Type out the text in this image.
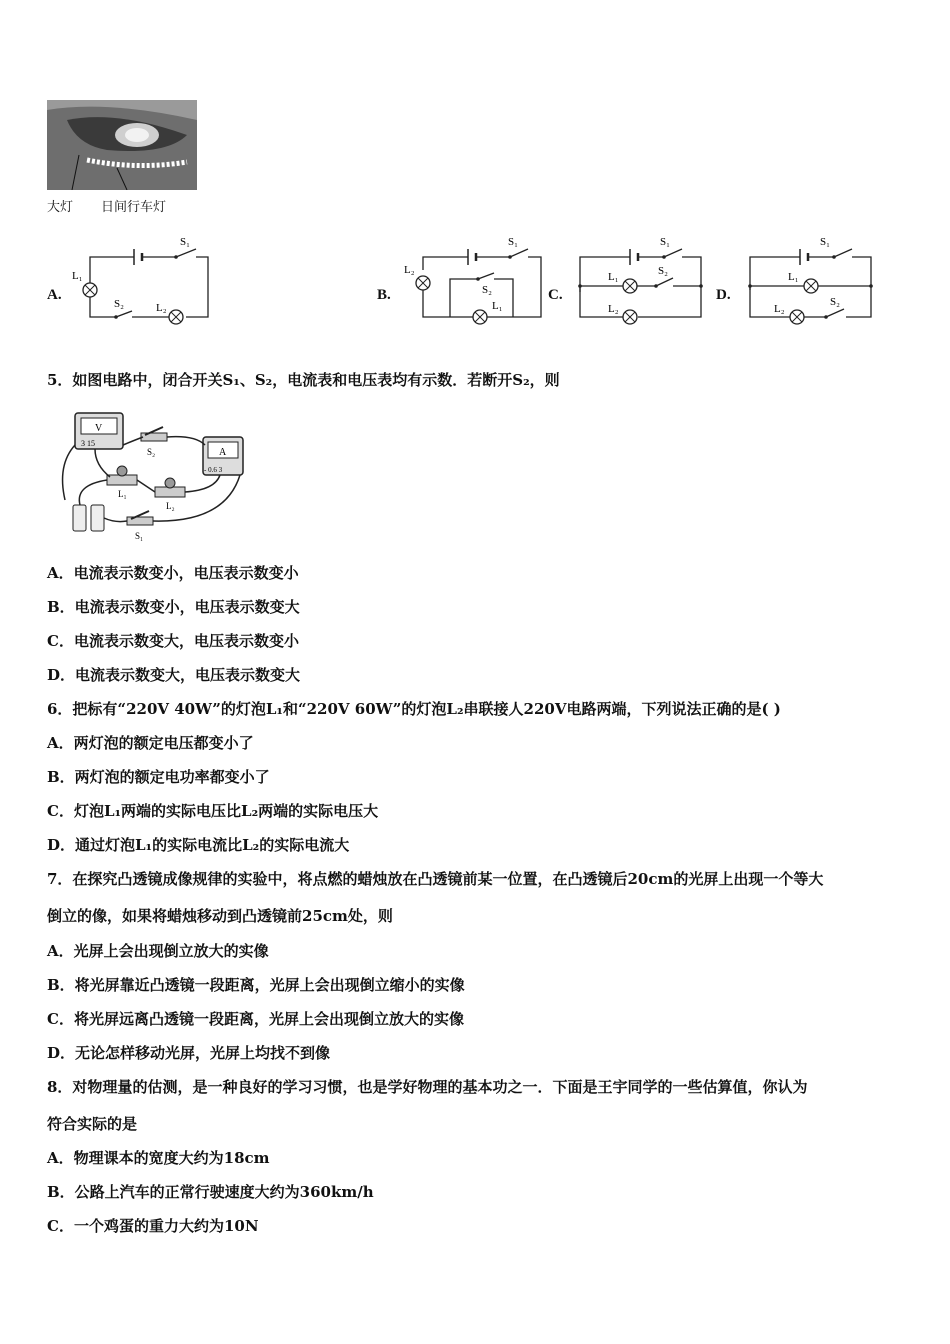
大灯 日间行车灯
A.
S₁
L₁
S₂	L₂
B.
S₁
L₂
S₂
L₁
C.
S₁
L₁	S₂
L₂
D.
S₁
L₁
L₂
S₂
5．如图电路中，闭合开关S₁、S₂，电流表和电压表均有示数．若断开S₂，则
V
3 15
A
- 0.6 3
S₂
L₁
L₂
S₁
A．电流表示数变小，电压表示数变小
B．电流表示数变小，电压表示数变大
C．电流表示数变大，电压表示数变小
D．电流表示数变大，电压表示数变大
6．把标有“220V 40W”的灯泡L₁和“220V 60W”的灯泡L₂串联接人220V电路两端，下列说法正确的是( )
A．两灯泡的额定电压都变小了
B．两灯泡的额定电功率都变小了
C．灯泡L₁两端的实际电压比L₂两端的实际电压大
D．通过灯泡L₁的实际电流比L₂的实际电流大
7．在探究凸透镜成像规律的实验中，将点燃的蜡烛放在凸透镜前某一位置，在凸透镜后20cm的光屏上出现一个等大
倒立的像，如果将蜡烛移动到凸透镜前25cm处，则
A．光屏上会出现倒立放大的实像
B．将光屏靠近凸透镜一段距离，光屏上会出现倒立缩小的实像
C．将光屏远离凸透镜一段距离，光屏上会出现倒立放大的实像
D．无论怎样移动光屏，光屏上均找不到像
8．对物理量的估测，是一种良好的学习习惯，也是学好物理的基本功之一．下面是王宇同学的一些估算值，你认为
符合实际的是
A．物理课本的宽度大约为18cm
B．公路上汽车的正常行驶速度大约为360km/h
C．一个鸡蛋的重力大约为10N
